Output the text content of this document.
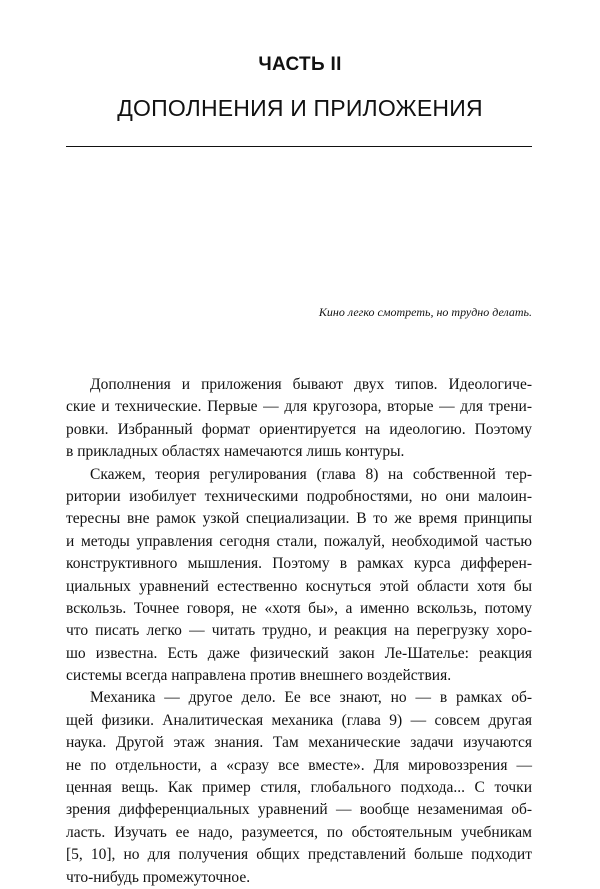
ЧАСТЬ II
ДОПОЛНЕНИЯ И ПРИЛОЖЕНИЯ
Кино легко смотреть, но трудно делать.
Дополнения и приложения бывают двух типов. Идеологиче-
ские и технические. Первые — для кругозора, вторые — для трени-
ровки. Избранный формат ориентируется на идеологию. Поэтому
в прикладных областях намечаются лишь контуры.
Скажем, теория регулирования (глава 8) на собственной тер-
ритории изобилует техническими подробностями, но они малоин-
тересны вне рамок узкой специализации. В то же время принципы
и методы управления сегодня стали, пожалуй, необходимой частью
конструктивного мышления. Поэтому в рамках курса дифферен-
циальных уравнений естественно коснуться этой области хотя бы
вскользь. Точнее говоря, не «хотя бы», а именно вскользь, потому
что писать легко — читать трудно, и реакция на перегрузку хоро-
шо известна. Есть даже физический закон Ле-Шателье: реакция
системы всегда направлена против внешнего воздействия.
Механика — другое дело. Ее все знают, но — в рамках об-
щей физики. Аналитическая механика (глава 9) — совсем другая
наука. Другой этаж знания. Там механические задачи изучаются
не по отдельности, а «сразу все вместе». Для мировоззрения —
ценная вещь. Как пример стиля, глобального подхода... С точки
зрения дифференциальных уравнений — вообще незаменимая об-
ласть. Изучать ее надо, разумеется, по обстоятельным учебникам
[5, 10], но для получения общих представлений больше подходит
что-нибудь промежуточное.
